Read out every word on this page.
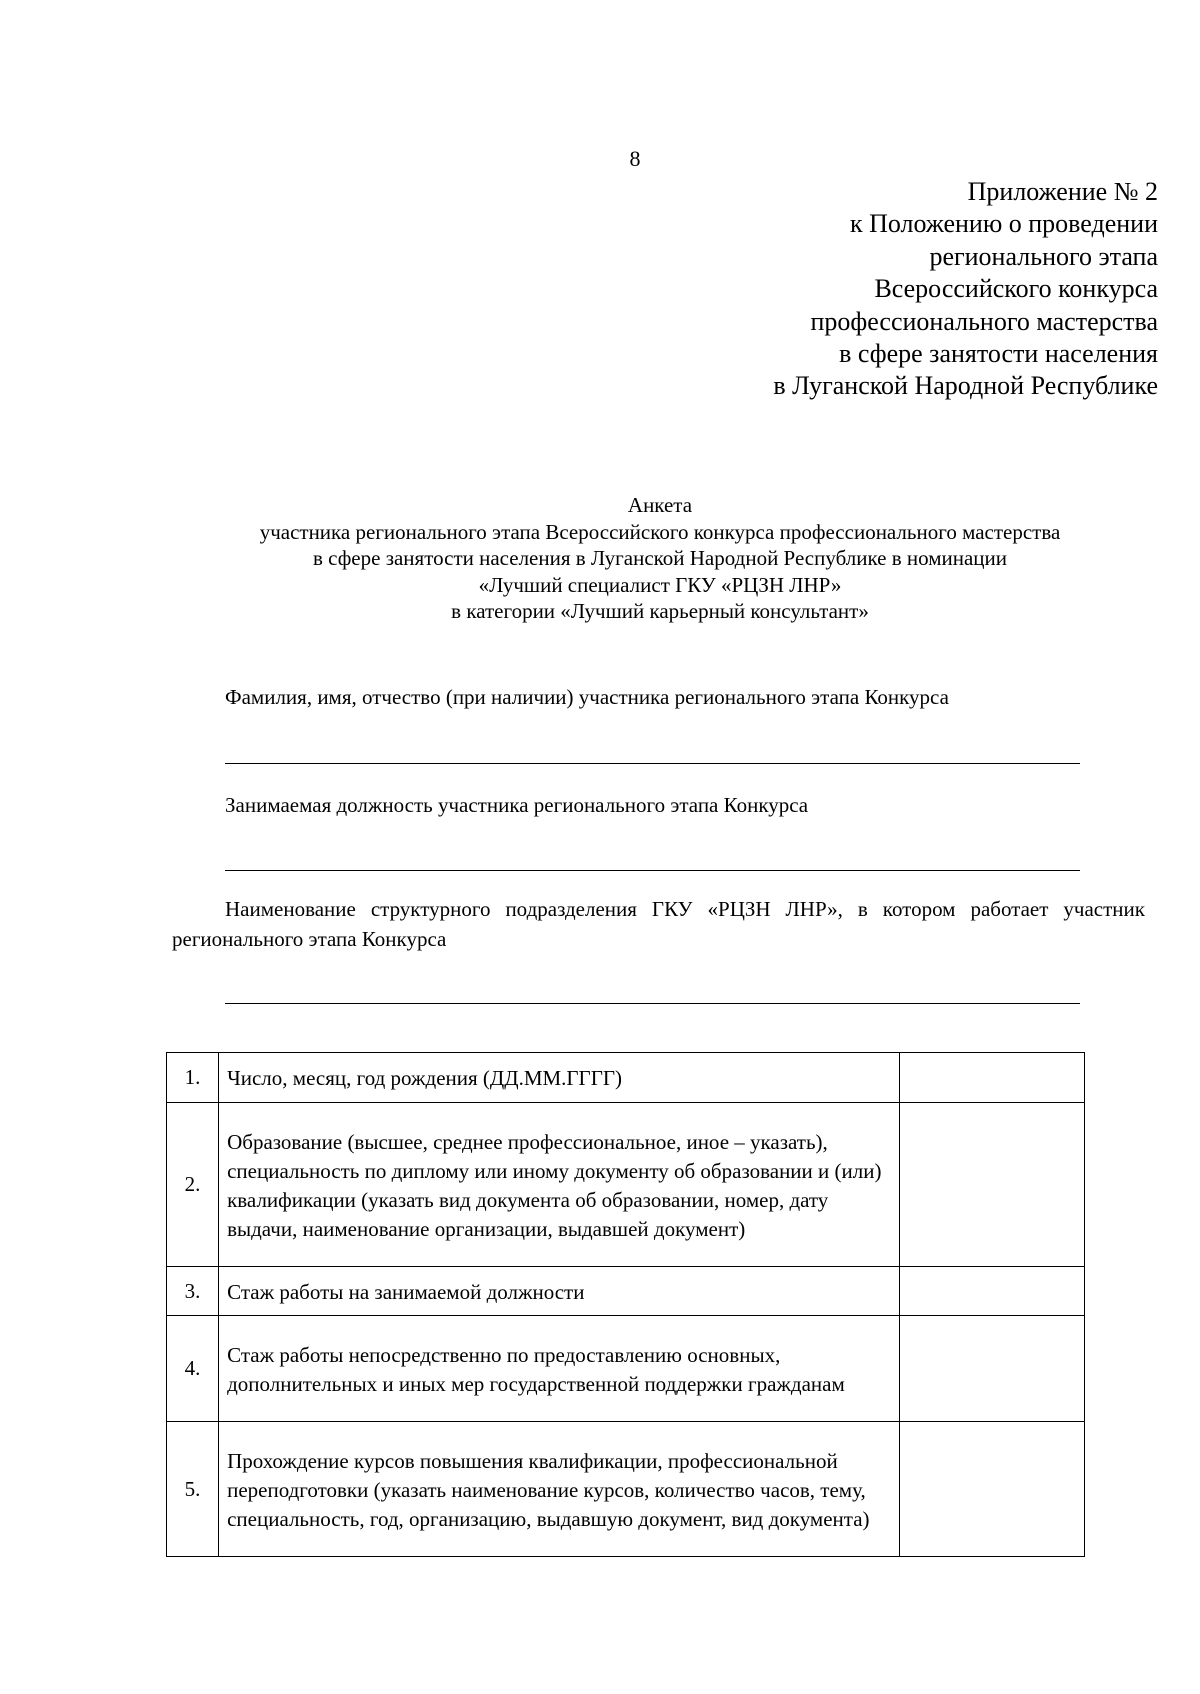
8
Приложение № 2
к Положению о проведении
регионального этапа
Всероссийского конкурса
профессионального мастерства
в сфере занятости населения
в Луганской Народной Республике
Анкета
участника регионального этапа Всероссийского конкурса профессионального мастерства
в сфере занятости населения в Луганской Народной Республике в номинации
«Лучший специалист ГКУ «РЦЗН ЛНР»
в категории «Лучший карьерный консультант»
Фамилия, имя, отчество (при наличии) участника регионального этапа Конкурса
Занимаемая должность участника регионального этапа Конкурса
Наименование структурного подразделения ГКУ «РЦЗН ЛНР», в котором работает участник регионального этапа Конкурса
1.	Число, месяц, год рождения (ДД.ММ.ГГГГ)	
2.	Образование (высшее, среднее профессиональное, иное – указать), специальность по диплому или иному документу об образовании и (или) квалификации (указать вид документа об образовании, номер, дату выдачи, наименование организации, выдавшей документ)	
3.	Стаж работы на занимаемой должности	
4.	Стаж работы непосредственно по предоставлению основных, дополнительных и иных мер государственной поддержки гражданам	
5.	Прохождение курсов повышения квалификации, профессиональной переподготовки (указать наименование курсов, количество часов, тему, специальность, год, организацию, выдавшую документ, вид документа)	
